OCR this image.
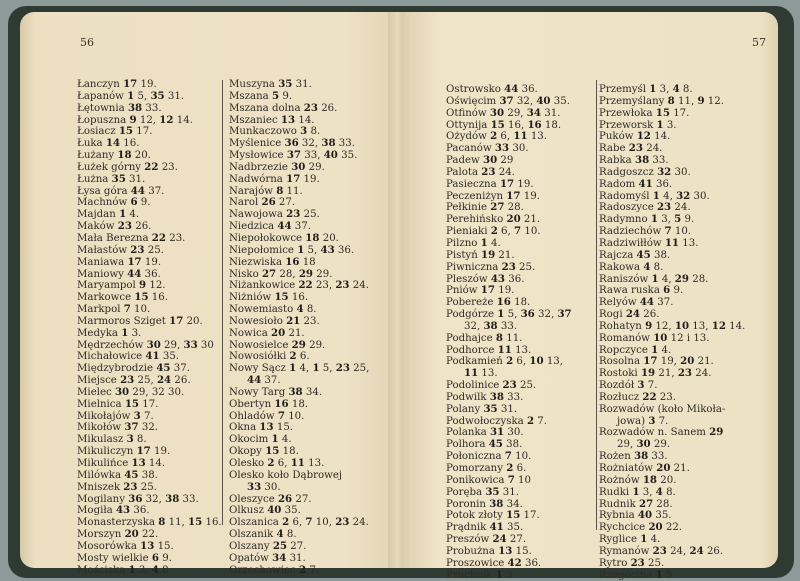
56	57
Łanczyn 17 19.
Łapanów 1 5, 35 31.
Łętownia 38 33.
Łopuszna 9 12, 12 14.
Łosiacz 15 17.
Łuka 14 16.
Łużany 18 20.
Łużek górny 22 23.
Łużna 35 31.
Łysa góra 44 37.
Machnów 6 9.
Majdan 1 4.
Maków 23 26.
Mała Berezna 22 23.
Małastów 23 25.
Maniawa 17 19.
Maniowy 44 36.
Maryampol 9 12.
Markowce 15 16.
Markpol 7 10.
Marmoros Sziget 17 20.
Medyka 1 3.
Mędrzechów 30 29, 33 30
Michałowice 41 35.
Międzybrodzie 45 37.
Miejsce 23 25, 24 26.
Mielec 30 29, 32 30.
Mielnica 15 17.
Mikołajów 3 7.
Mikołów 37 32.
Mikulasz 3 8.
Mikuliczyn 17 19.
Mikulińce 13 14.
Milówka 45 38.
Mniszek 23 25.
Mogilany 36 32, 38 33.
Mogiła 43 36.
Monasterzyska 8 11, 15 16.
Morszyn 20 22.
Mosorówka 13 15.
Mosty wielkie 6 9.
Mościska 1 3, 4 8.
Muszyna 35 31.
Mszana 5 9.
Mszana dolna 23 26.
Mszaniec 13 14.
Munkaczowo 3 8.
Myślenice 36 32, 38 33.
Mysłowice 37 33, 40 35.
Nadbrzezie 30 29.
Nadwórna 17 19.
Narajów 8 11.
Narol 26 27.
Nawojowa 23 25.
Niedzica 44 37.
Niepołokowce 18 20.
Niepołomice 1 5, 43 36.
Niezwiska 16 18
Nisko 27 28, 29 29.
Niżankowice 22 23, 23 24.
Niżniów 15 16.
Nowemiasto 4 8.
Nowesioło 21 23.
Nowica 20 21.
Nowosielce 29 29.
Nowosiółki 2 6.
Nowy Sącz 1 4, 1 5, 23 25,
44 37.
Nowy Targ 38 34.
Obertyn 16 18.
Ohladów 7 10.
Okna 13 15.
Okocim 1 4.
Okopy 15 18.
Olesko 2 6, 11 13.
Olesko koło Dąbrowej
33 30.
Oleszyce 26 27.
Olkusz 40 35.
Olszanica 2 6, 7 10, 23 24.
Olszanik 4 8.
Olszany 25 27.
Opatów 34 31.
Orzechowiec 2 7.
Ostrowsko 44 36.
Oświęcim 37 32, 40 35.
Otfinów 30 29, 34 31.
Ottynija 15 16, 16 18.
Ożydów 2 6, 11 13.
Pacanów 33 30.
Padew 30 29
Palota 23 24.
Pasieczna 17 19.
Peczeniżyn 17 19.
Pełkinie 27 28.
Perehińsko 20 21.
Pieniaki 2 6, 7 10.
Pilzno 1 4.
Pistyń 19 21.
Piwniczna 23 25.
Pleszów 43 36.
Pniów 17 19.
Pobereże 16 18.
Podgórze 1 5, 36 32, 37
32, 38 33.
Podhajce 8 11.
Podhorce 11 13.
Podkamień 2 6, 10 13,
11 13.
Podolinice 23 25.
Podwilk 38 33.
Polany 35 31.
Podwołoczyska 2 7.
Polanka 31 30.
Polhora 45 38.
Połoniczna 7 10.
Pomorzany 2 6.
Ponikowica 7 10
Poręba 35 31.
Poronin 38 34.
Potok złoty 15 17.
Prądnik 41 35.
Preszów 24 27.
Probużna 13 15.
Proszowice 42 36.
Pruchnik 1 3.
Przemyśl 1 3, 4 8.
Przemyślany 8 11, 9 12.
Przewłoka 15 17.
Przeworsk 1 3.
Puków 12 14.
Rabe 23 24.
Rabka 38 33.
Radgoszcz 32 30.
Radom 41 36.
Radomyśl 1 4, 32 30.
Radoszyce 23 24.
Radymno 1 3, 5 9.
Radziechów 7 10.
Radziwiłłów 11 13.
Rajcza 45 38.
Rakowa 4 8.
Raniszów 1 4, 29 28.
Rawa ruska 6 9.
Relyów 44 37.
Rogi 24 26.
Rohatyn 9 12, 10 13, 12 14.
Romanów 10 12 i 13.
Ropczyce 1 4.
Rosolna 17 19, 20 21.
Rostoki 19 21, 23 24.
Rozdół 3 7.
Rozłucz 22 23.
Rozwadów (koło Mikoła-
jowa) 3 7.
Rozwadów n. Sanem 29
29, 30 29.
Rożen 38 33.
Rożniatów 20 21.
Rożnów 18 20.
Rudki 1 3, 4 8.
Rudnik 27 28.
Rybnia 40 35.
Rychcice 20 22.
Ryglice 1 4.
Rymanów 23 24, 24 26.
Rytro 23 25.
Rzegocina 1 5.
